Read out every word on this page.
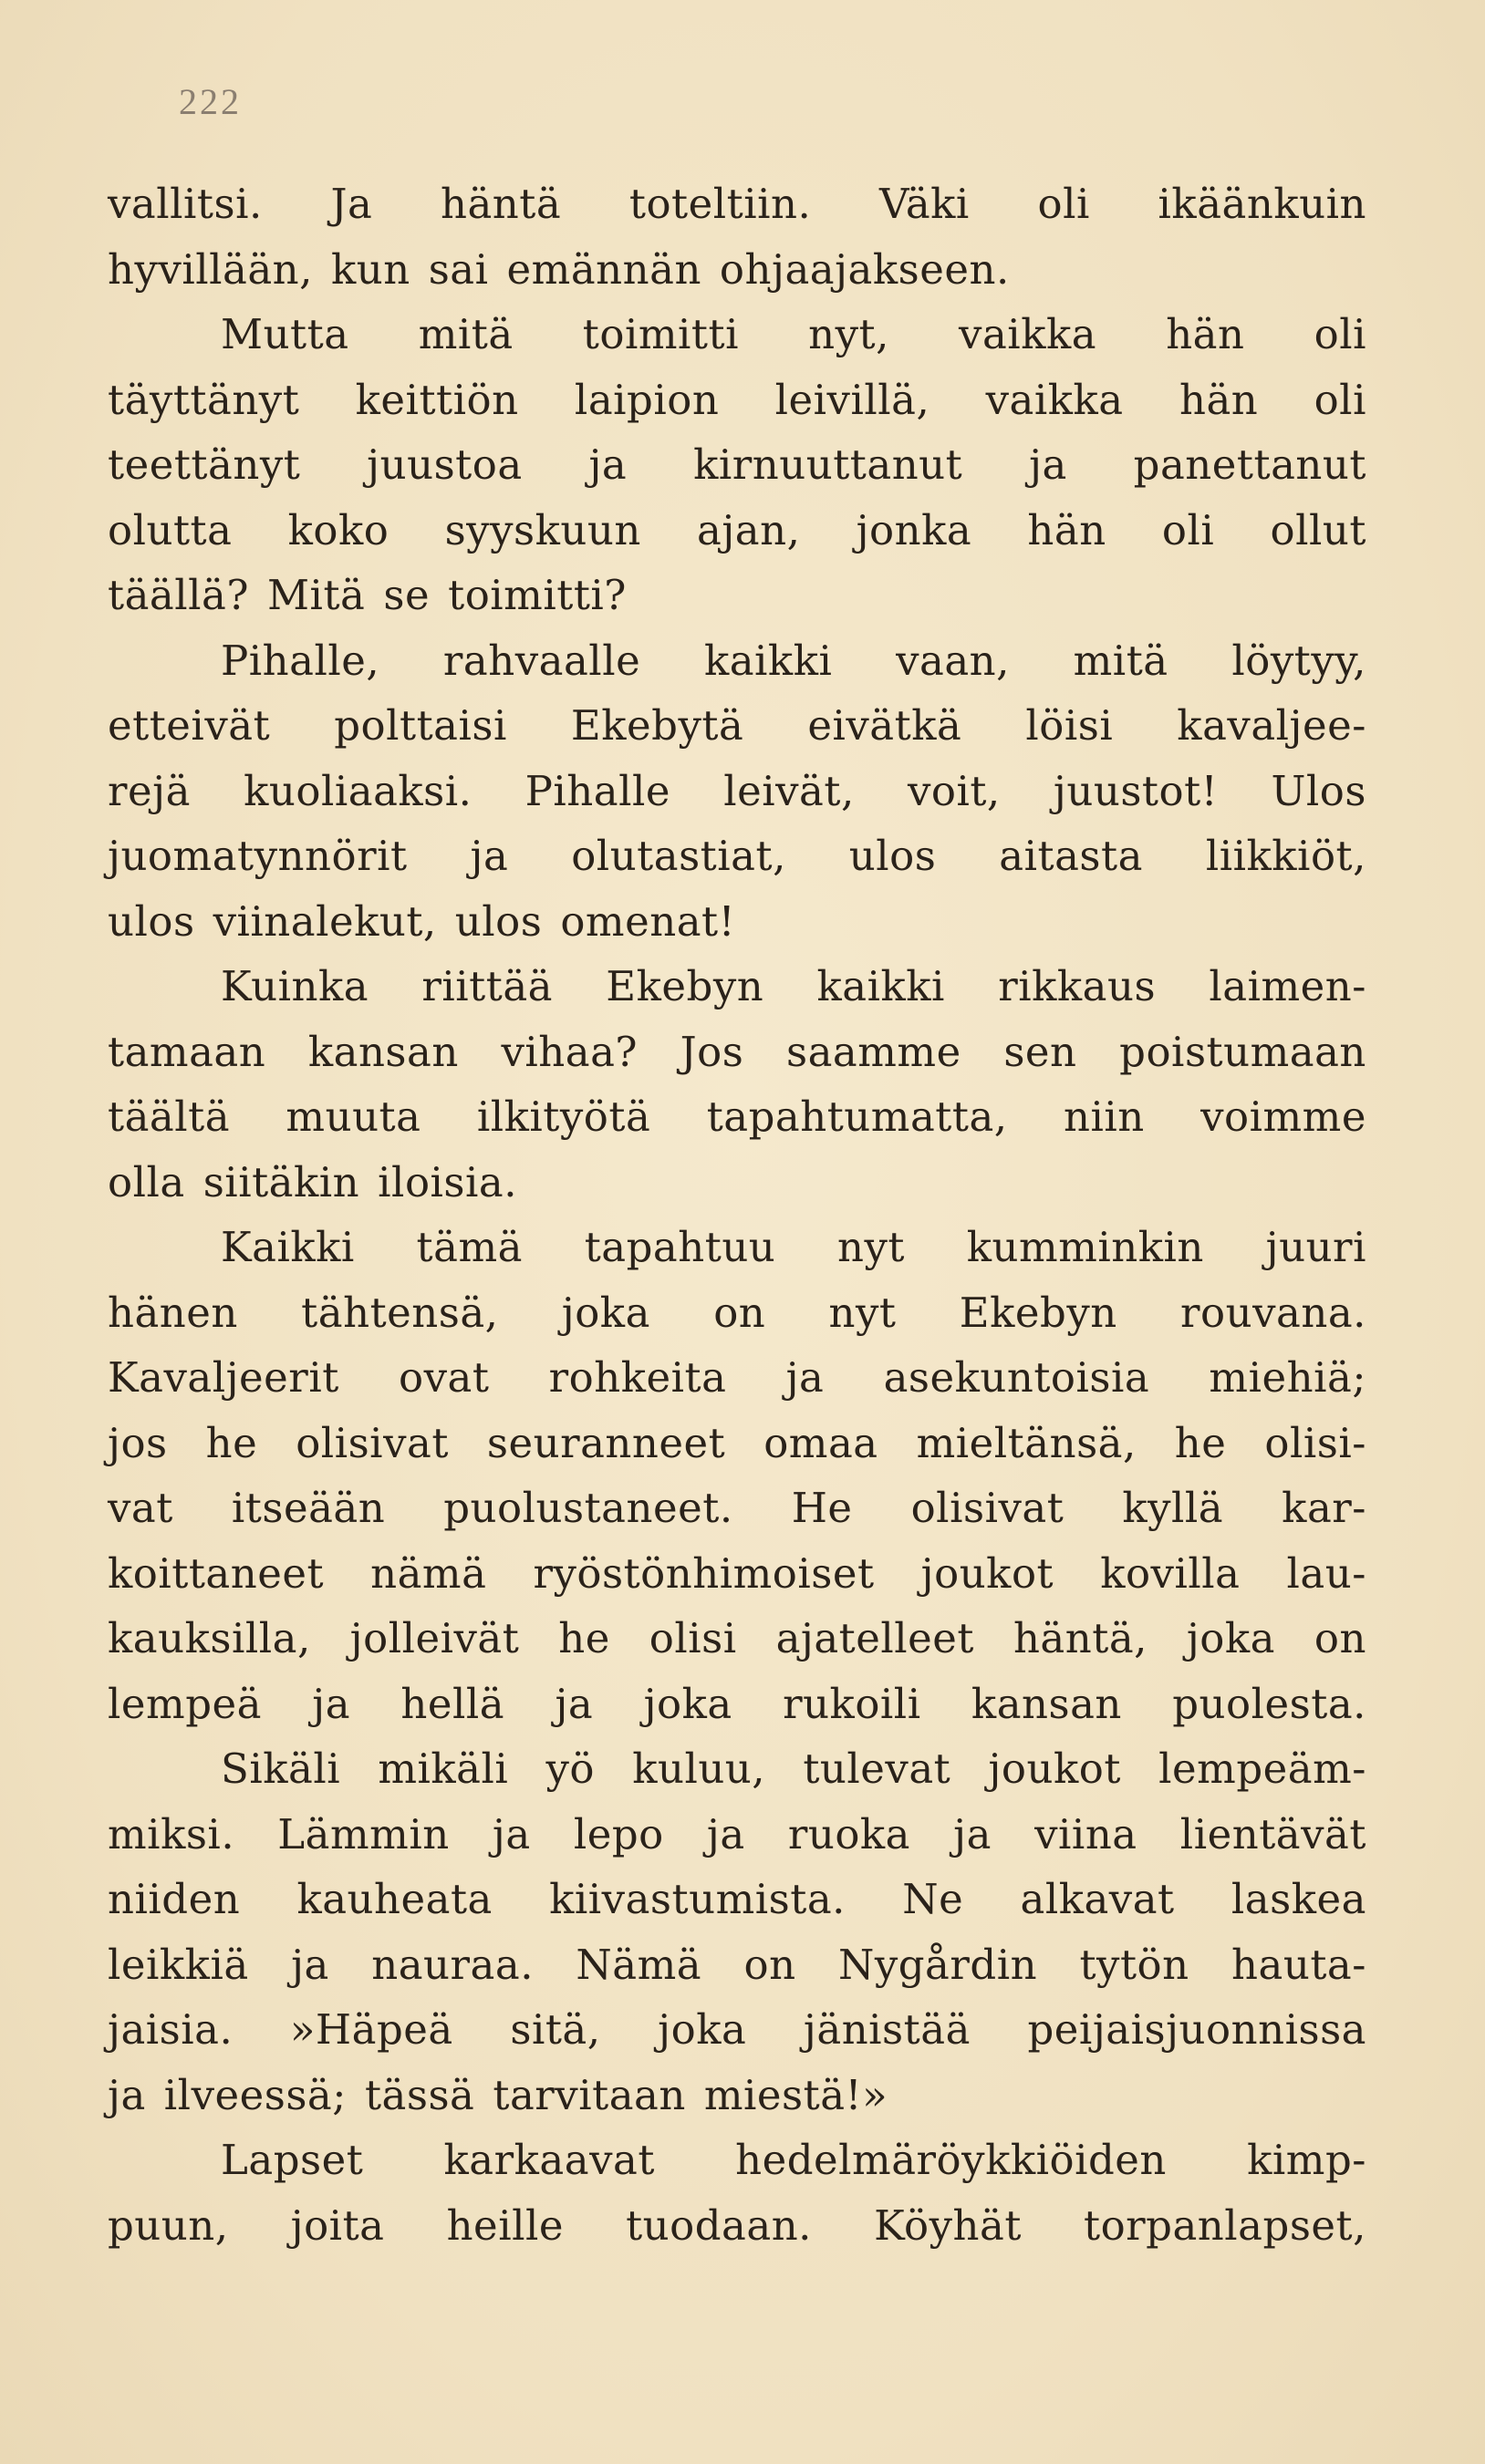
222
vallitsi. Ja häntä toteltiin. Väki oli ikäänkuin
hyvillään, kun sai emännän ohjaajakseen.
Mutta mitä toimitti nyt, vaikka hän oli
täyttänyt keittiön laipion leivillä, vaikka hän oli
teettänyt juustoa ja kirnuuttanut ja panettanut
olutta koko syyskuun ajan, jonka hän oli ollut
täällä? Mitä se toimitti?
Pihalle, rahvaalle kaikki vaan, mitä löytyy,
etteivät polttaisi Ekebytä eivätkä löisi kavaljee-
rejä kuoliaaksi. Pihalle leivät, voit, juustot! Ulos
juomatynnörit ja olutastiat, ulos aitasta liikkiöt,
ulos viinalekut, ulos omenat!
Kuinka riittää Ekebyn kaikki rikkaus laimen-
tamaan kansan vihaa? Jos saamme sen poistumaan
täältä muuta ilkityötä tapahtumatta, niin voimme
olla siitäkin iloisia.
Kaikki tämä tapahtuu nyt kumminkin juuri
hänen tähtensä, joka on nyt Ekebyn rouvana.
Kavaljeerit ovat rohkeita ja asekuntoisia miehiä;
jos he olisivat seuranneet omaa mieltänsä, he olisi-
vat itseään puolustaneet. He olisivat kyllä kar-
koittaneet nämä ryöstönhimoiset joukot kovilla lau-
kauksilla, jolleivät he olisi ajatelleet häntä, joka on
lempeä ja hellä ja joka rukoili kansan puolesta.
Sikäli mikäli yö kuluu, tulevat joukot lempeäm-
miksi. Lämmin ja lepo ja ruoka ja viina lientävät
niiden kauheata kiivastumista. Ne alkavat laskea
leikkiä ja nauraa. Nämä on Nygårdin tytön hauta-
jaisia. »Häpeä sitä, joka jänistää peijaisjuonnissa
ja ilveessä; tässä tarvitaan miestä!»
Lapset karkaavat hedelmäröykkiöiden kimp-
puun, joita heille tuodaan. Köyhät torpanlapset,
